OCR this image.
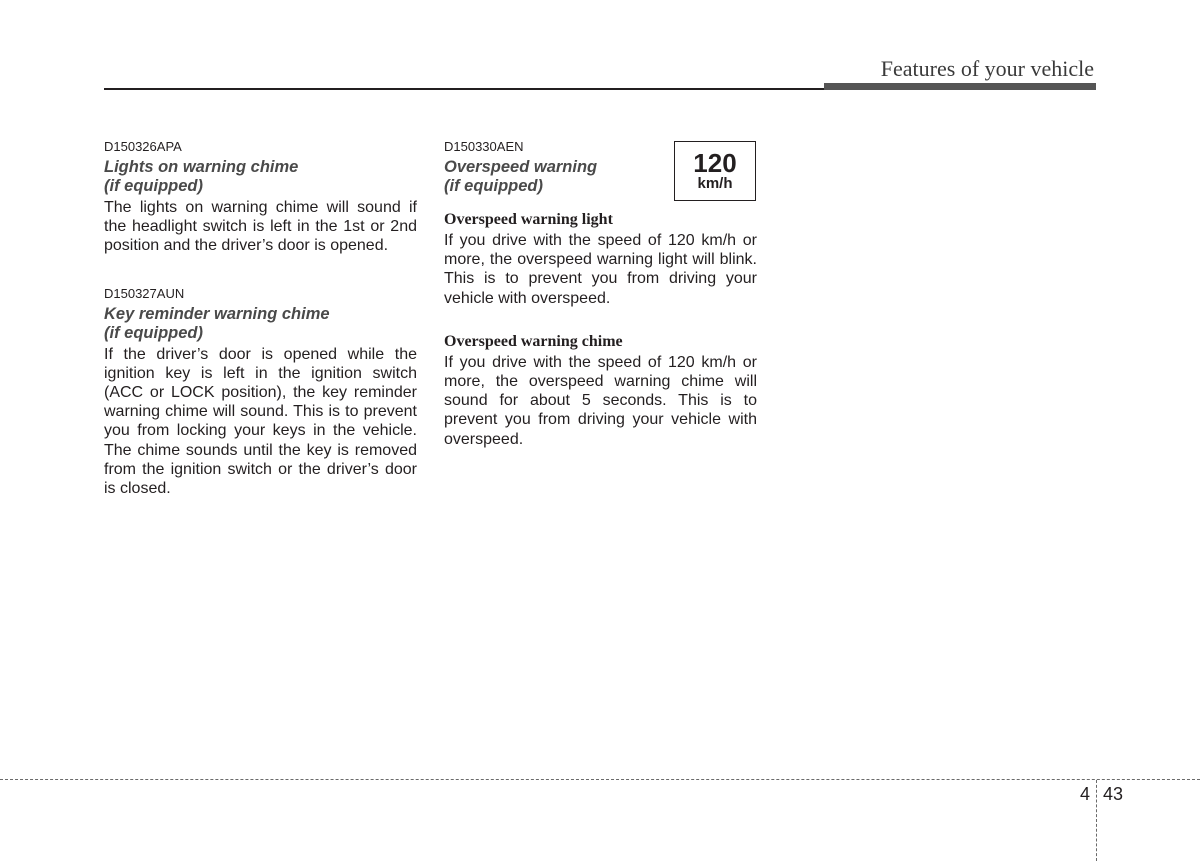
Features of your vehicle

D150326APA

Lights on warning chime

(if equipped)

The lights on warning chime will sound if the headlight switch is left in the 1st or 2nd position and the driver’s door is opened.

D150327AUN

Key reminder warning chime

(if equipped)

If the driver’s door is opened while the ignition key is left in the ignition switch (ACC or LOCK position), the key reminder warning chime will sound. This is to prevent you from locking your keys in the vehicle. The chime sounds until the key is removed from the ignition switch or the driver’s door is closed.

D150330AEN

Overspeed warning

(if equipped)

Overspeed warning light

If you drive with the speed of 120 km/h or more, the overspeed warning light will blink. This is to prevent you from driving your vehicle with overspeed.

Overspeed warning chime

If you drive with the speed of 120 km/h or more, the overspeed warning chime will sound for about 5 seconds. This is to prevent you from driving your vehicle with overspeed.

120
km/h
4 43
